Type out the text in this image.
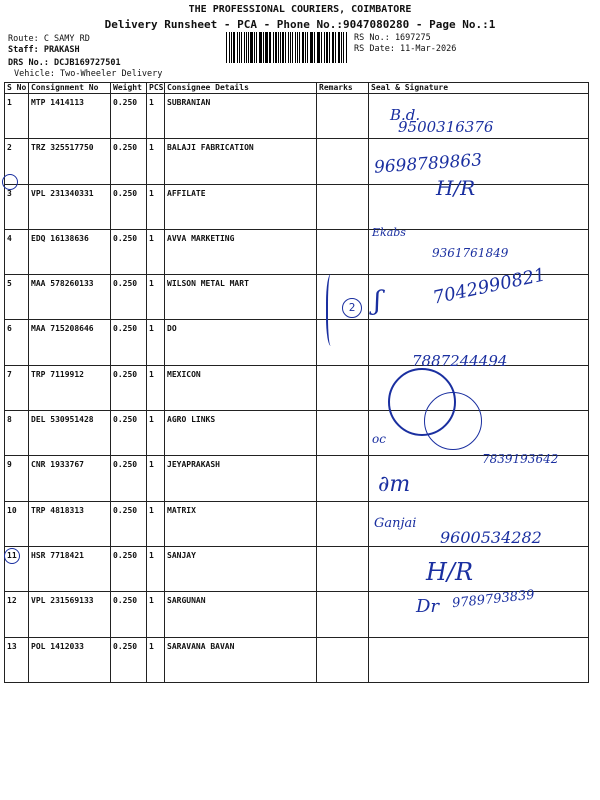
THE PROFESSIONAL COURIERS, COIMBATORE
Delivery Runsheet - PCA - Phone No.:9047080280 - Page No.:1
Route: C SAMY RD
Staff: PRAKASH
DRS No.: DCJB169727501
Vehicle: Two-Wheeler Delivery
RS No.: 1697275
RS Date: 11-Mar-2026
S No	Consignment No	Weight	PCS	Consignee Details	Remarks	Seal & Signature
1	MTP 1414113	0.250	1	SUBRANIAN		
2	TRZ 325517750	0.250	1	BALAJI FABRICATION		
3	VPL 231340331	0.250	1	AFFILATE		
4	EDQ 16138636	0.250	1	AVVA MARKETING		
5	MAA 578260133	0.250	1	WILSON METAL MART		
6	MAA 715208646	0.250	1	DO		
7	TRP 7119912	0.250	1	MEXICON		
8	DEL 530951428	0.250	1	AGRO LINKS		
9	CNR 1933767	0.250	1	JEYAPRAKASH		
10	TRP 4818313	0.250	1	MATRIX		
11	HSR 7718421	0.250	1	SANJAY		
12	VPL 231569133	0.250	1	SARGUNAN		
13	POL 1412033	0.250	1	SARAVANA BAVAN		
B.d.
9500316376
9698789863
H/R
Ekabs
9361761849
2 ʃ	7042990821
7887244494
oc
7839193642
∂m
Ganjai
9600534282
H/R
Dr 9789793839
